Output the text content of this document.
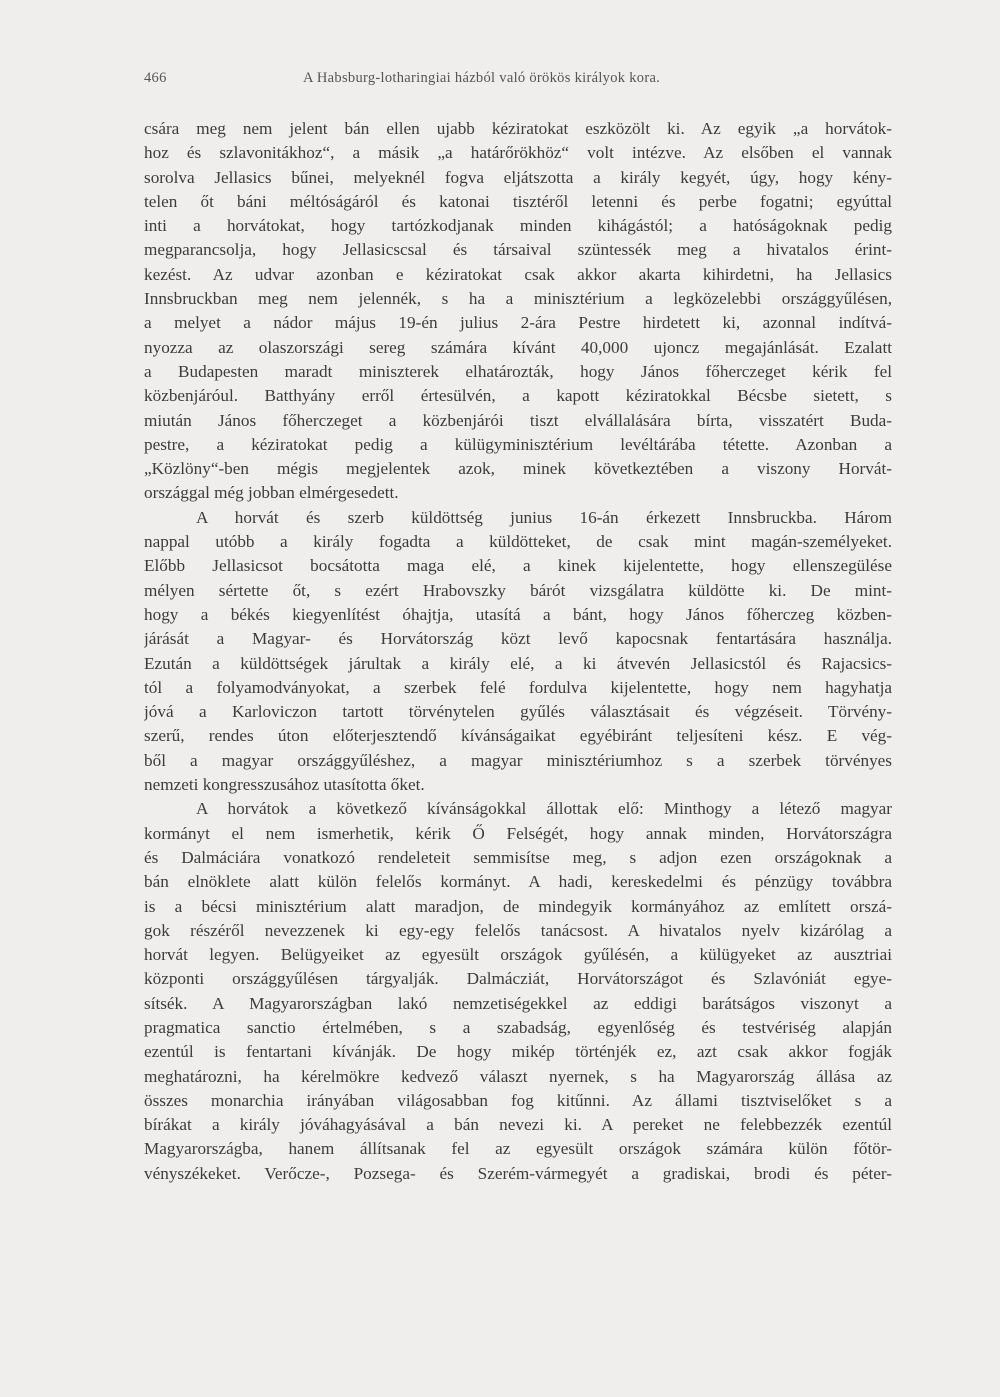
466	A Habsburg-lotharingiai házból való örökös királyok kora.
csára meg nem jelent bán ellen ujabb kéziratokat eszközölt ki. Az egyik „a horvátok-
hoz és szlavonitákhoz“, a másik „a határőrökhöz“ volt intézve. Az elsőben el vannak
sorolva Jellasics bűnei, melyeknél fogva eljátszotta a király kegyét, úgy, hogy kény-
telen őt báni méltóságáról és katonai tisztéről letenni és perbe fogatni; egyúttal
inti a horvátokat, hogy tartózkodjanak minden kihágástól; a hatóságoknak pedig
megparancsolja, hogy Jellasicscsal és társaival szüntessék meg a hivatalos érint-
kezést. Az udvar azonban e kéziratokat csak akkor akarta kihirdetni, ha Jellasics
Innsbruckban meg nem jelennék, s ha a minisztérium a legközelebbi országgyűlésen,
a melyet a nádor május 19-én julius 2-ára Pestre hirdetett ki, azonnal indítvá-
nyozza az olaszországi sereg számára kívánt 40,000 ujoncz megajánlását. Ezalatt
a Budapesten maradt miniszterek elhatározták, hogy János főherczeget kérik fel
közbenjáróul. Batthyány erről értesülvén, a kapott kéziratokkal Bécsbe sietett, s
miután János főherczeget a közbenjárói tiszt elvállalására bírta, visszatért Buda-
pestre, a kéziratokat pedig a külügyminisztérium levéltárába tétette. Azonban a
„Közlöny“-ben mégis megjelentek azok, minek következtében a viszony Horvát-
országgal még jobban elmérgesedett.
A horvát és szerb küldöttség junius 16-án érkezett Innsbruckba. Három
nappal utóbb a király fogadta a küldötteket, de csak mint magán-személyeket.
Előbb Jellasicsot bocsátotta maga elé, a kinek kijelentette, hogy ellenszegülése
mélyen sértette őt, s ezért Hrabovszky bárót vizsgálatra küldötte ki. De mint-
hogy a békés kiegyenlítést óhajtja, utasítá a bánt, hogy János főherczeg közben-
járását a Magyar- és Horvátország közt levő kapocsnak fentartására használja.
Ezután a küldöttségek járultak a király elé, a ki átvevén Jellasicstól és Rajacsics-
tól a folyamodványokat, a szerbek felé fordulva kijelentette, hogy nem hagyhatja
jóvá a Karloviczon tartott törvénytelen gyűlés választásait és végzéseit. Törvény-
szerű, rendes úton előterjesztendő kívánságaikat egyébiránt teljesíteni kész. E vég-
ből a magyar országgyűléshez, a magyar minisztériumhoz s a szerbek törvényes
nemzeti kongresszusához utasította őket.
A horvátok a következő kívánságokkal állottak elő: Minthogy a létező magyar
kormányt el nem ismerhetik, kérik Ő Felségét, hogy annak minden, Horvátországra
és Dalmáciára vonatkozó rendeleteit semmisítse meg, s adjon ezen országoknak a
bán elnöklete alatt külön felelős kormányt. A hadi, kereskedelmi és pénzügy továbbra
is a bécsi minisztérium alatt maradjon, de mindegyik kormányához az említett orszá-
gok részéről nevezzenek ki egy-egy felelős tanácsost. A hivatalos nyelv kizárólag a
horvát legyen. Belügyeiket az egyesült országok gyűlésén, a külügyeket az ausztriai
központi országgyűlésen tárgyalják. Dalmácziát, Horvátországot és Szlavóniát egye-
sítsék. A Magyarországban lakó nemzetiségekkel az eddigi barátságos viszonyt a
pragmatica sanctio értelmében, s a szabadság, egyenlőség és testvériség alapján
ezentúl is fentartani kívánják. De hogy mikép történjék ez, azt csak akkor fogják
meghatározni, ha kérelmökre kedvező választ nyernek, s ha Magyarország állása az
összes monarchia irányában világosabban fog kitűnni. Az állami tisztviselőket s a
bírákat a király jóváhagyásával a bán nevezi ki. A pereket ne felebbezzék ezentúl
Magyarországba, hanem állítsanak fel az egyesült országok számára külön főtör-
vényszékeket. Verőcze-, Pozsega- és Szerém-vármegyét a gradiskai, brodi és péter-
